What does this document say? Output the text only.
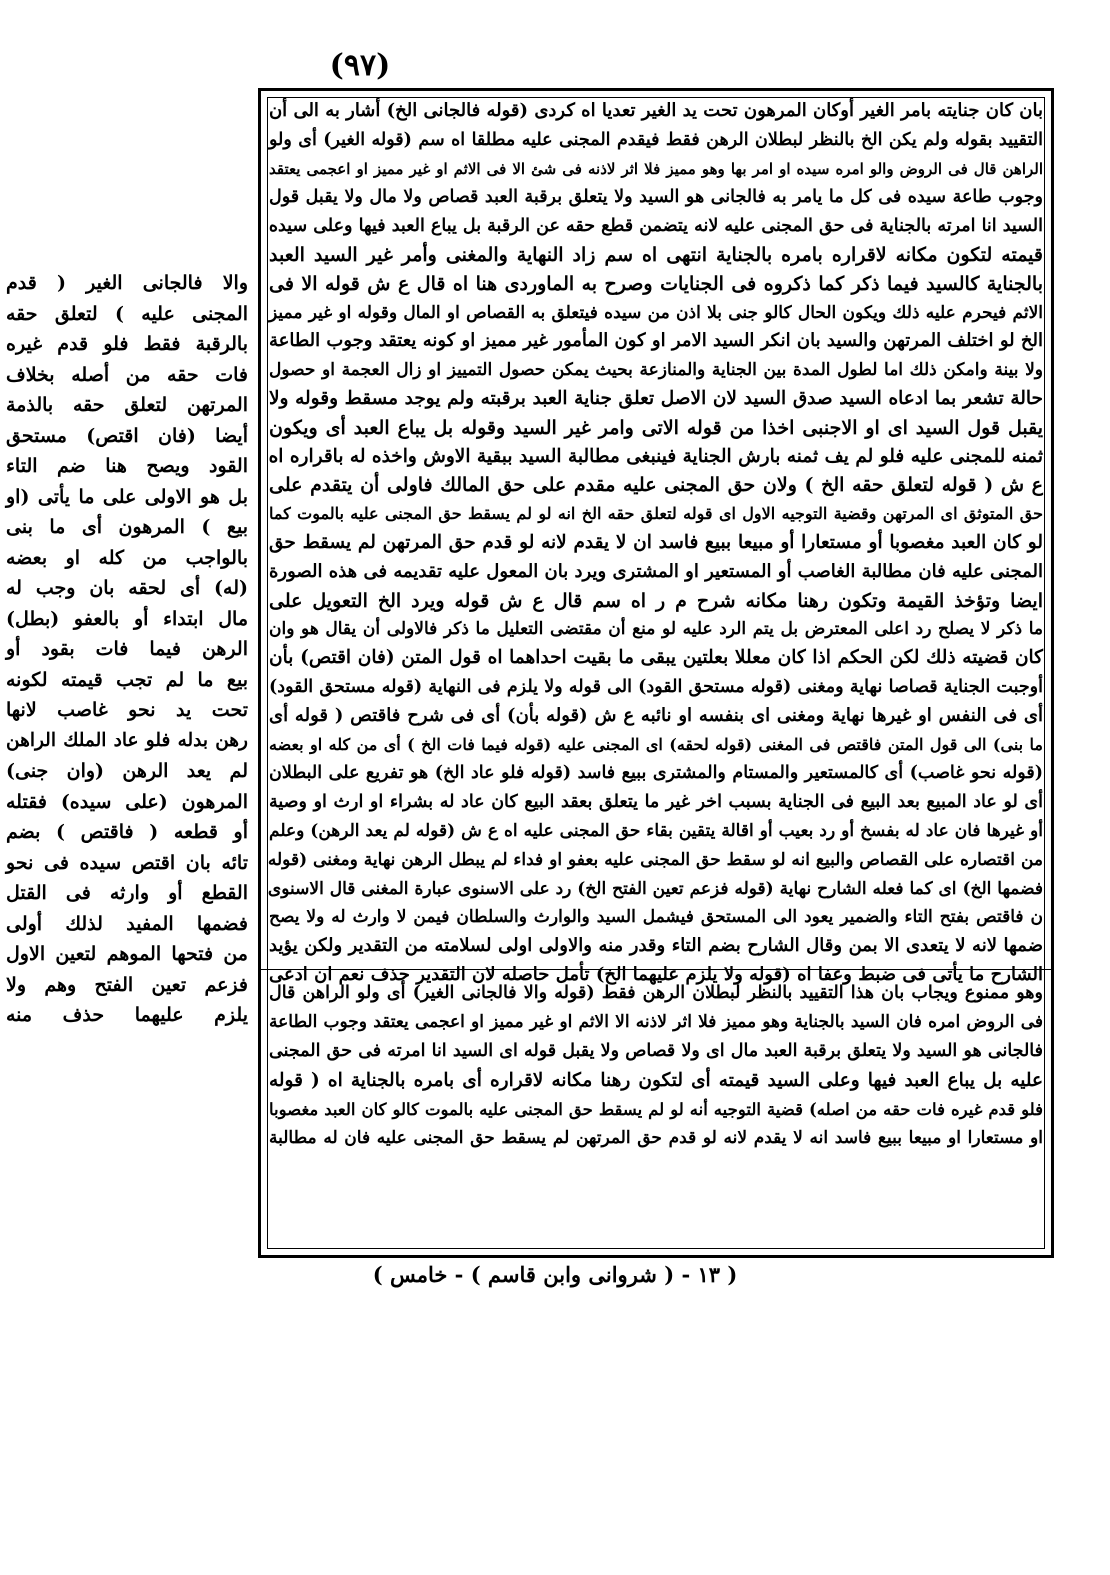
(٩٧)
والا فالجانى الغير ( قدم
المجنى عليه ) لتعلق حقه
بالرقبة فقط فلو قدم غيره
فات حقه من أصله بخلاف
المرتهن لتعلق حقه بالذمة
أيضا (فان اقتص) مستحق
القود ويصح هنا ضم التاء
بل هو الاولى على ما يأتى (او
بيع ) المرهون أى ما بنى
بالواجب من كله او بعضه
(له) أى لحقه بان وجب له
مال ابتداء أو بالعفو (بطل)
الرهن فيما فات بقود أو
بيع ما لم تجب قيمته لكونه
تحت يد نحو غاصب لانها
رهن بدله فلو عاد الملك الراهن
لم يعد الرهن (وان جنى)
المرهون (على سيده) فقتله
أو قطعه ( فاقتص ) بضم
تائه بان اقتص سيده فى نحو
القطع أو وارثه فى القتل
فضمها المفيد لذلك أولى
من فتحها الموهم لتعين الاول
فزعم تعين الفتح وهم ولا
يلزم عليهما حذف منه
بان كان جنايته بامر الغير أوكان المرهون تحت يد الغير تعديا اه كردى (قوله فالجانى الخ) أشار به الى أن
التقييد بقوله ولم يكن الخ بالنظر لبطلان الرهن فقط فيقدم المجنى عليه مطلقا اه سم (قوله الغير) أى ولو
الراهن قال فى الروض والو امره سيده او امر بها وهو مميز فلا اثر لاذنه فى شئ الا فى الاثم او غير مميز او اعجمى يعتقد
وجوب طاعة سيده فى كل ما يامر به فالجانى هو السيد ولا يتعلق برقبة العبد قصاص ولا مال ولا يقبل قول
السيد انا امرته بالجناية فى حق المجنى عليه لانه يتضمن قطع حقه عن الرقبة بل يباع العبد فيها وعلى سيده
قيمته لتكون مكانه لاقراره بامره بالجناية انتهى اه سم زاد النهاية والمغنى وأمر غير السيد العبد
بالجناية كالسيد فيما ذكر كما ذكروه فى الجنايات وصرح به الماوردى هنا اه قال ع ش قوله الا فى
الاثم فيحرم عليه ذلك ويكون الحال كالو جنى بلا اذن من سيده فيتعلق به القصاص او المال وقوله او غير مميز
الخ لو اختلف المرتهن والسيد بان انكر السيد الامر او كون المأمور غير مميز او كونه يعتقد وجوب الطاعة
ولا بينة وامكن ذلك اما لطول المدة بين الجناية والمنازعة بحيث يمكن حصول التمييز او زال العجمة او حصول
حالة تشعر بما ادعاه السيد صدق السيد لان الاصل تعلق جناية العبد برقبته ولم يوجد مسقط وقوله ولا
يقبل قول السيد اى او الاجنبى اخذا من قوله الاتى وامر غير السيد وقوله بل يباع العبد أى ويكون
ثمنه للمجنى عليه فلو لم يف ثمنه بارش الجناية فينبغى مطالبة السيد ببقية الاوش واخذه له باقراره اه
ع ش ( قوله لتعلق حقه الخ ) ولان حق المجنى عليه مقدم على حق المالك فاولى أن يتقدم على
حق المتوثق اى المرتهن وقضية التوجيه الاول اى قوله لتعلق حقه الخ انه لو لم يسقط حق المجنى عليه بالموت كما
لو كان العبد مغصوبا أو مستعارا أو مبيعا ببيع فاسد ان لا يقدم لانه لو قدم حق المرتهن لم يسقط حق
المجنى عليه فان مطالبة الغاصب أو المستعير او المشترى ويرد بان المعول عليه تقديمه فى هذه الصورة
ايضا وتؤخذ القيمة وتكون رهنا مكانه شرح م ر اه سم قال ع ش قوله ويرد الخ التعويل على
ما ذكر لا يصلح رد اعلى المعترض بل يتم الرد عليه لو منع أن مقتضى التعليل ما ذكر فالاولى أن يقال هو وان
كان قضيته ذلك لكن الحكم اذا كان معللا بعلتين يبقى ما بقيت احداهما اه قول المتن (فان اقتص) بأن
أوجبت الجناية قصاصا نهاية ومغنى (قوله مستحق القود) الى قوله ولا يلزم فى النهاية (قوله مستحق القود)
أى فى النفس او غيرها نهاية ومغنى اى بنفسه او نائبه ع ش (قوله بأن) أى فى شرح فاقتص ( قوله أى
ما بنى) الى قول المتن فاقتص فى المغنى (قوله لحقه) اى المجنى عليه (قوله فيما فات الخ ) أى من كله او بعضه
(قوله نحو غاصب) أى كالمستعير والمستام والمشترى ببيع فاسد (قوله فلو عاد الخ) هو تفريع على البطلان
أى لو عاد المبيع بعد البيع فى الجناية بسبب اخر غير ما يتعلق بعقد البيع كان عاد له بشراء او ارث او وصية
أو غيرها فان عاد له بفسخ أو رد بعيب أو اقالة يتقين بقاء حق المجنى عليه اه ع ش (قوله لم يعد الرهن) وعلم
من اقتصاره على القصاص والبيع انه لو سقط حق المجنى عليه بعفو او فداء لم يبطل الرهن نهاية ومغنى (قوله
فضمها الخ) اى كما فعله الشارح نهاية (قوله فزعم تعين الفتح الخ) رد على الاسنوى عبارة المغنى قال الاسنوى
ن فاقتص بفتح التاء والضمير يعود الى المستحق فيشمل السيد والوارث والسلطان فيمن لا وارث له ولا يصح
ضمها لانه لا يتعدى الا بمن وقال الشارح بضم التاء وقدر منه والاولى اولى لسلامته من التقدير ولكن يؤيد
الشارح ما يأتى فى ضبط وعفا اه (قوله ولا يلزم عليهما الخ) تأمل حاصله لان التقدير حذف نعم ان ادعى
وهو ممنوع ويجاب بان هذا التقييد بالنظر لبطلان الرهن فقط (قوله والا فالجانى الغير) أى ولو الراهن قال
فى الروض امره فان السيد بالجناية وهو مميز فلا اثر لاذنه الا الاثم او غير مميز او اعجمى يعتقد وجوب الطاعة
فالجانى هو السيد ولا يتعلق برقبة العبد مال اى ولا قصاص ولا يقبل قوله اى السيد انا امرته فى حق المجنى
عليه بل يباع العبد فيها وعلى السيد قيمته أى لتكون رهنا مكانه لاقراره أى بامره بالجناية اه ( قوله
فلو قدم غيره فات حقه من اصله) قضية التوجيه أنه لو لم يسقط حق المجنى عليه بالموت كالو كان العبد مغصوبا
او مستعارا او مبيعا ببيع فاسد انه لا يقدم لانه لو قدم حق المرتهن لم يسقط حق المجنى عليه فان له مطالبة
( ١٣ - ( شروانى وابن قاسم ) - خامس )
